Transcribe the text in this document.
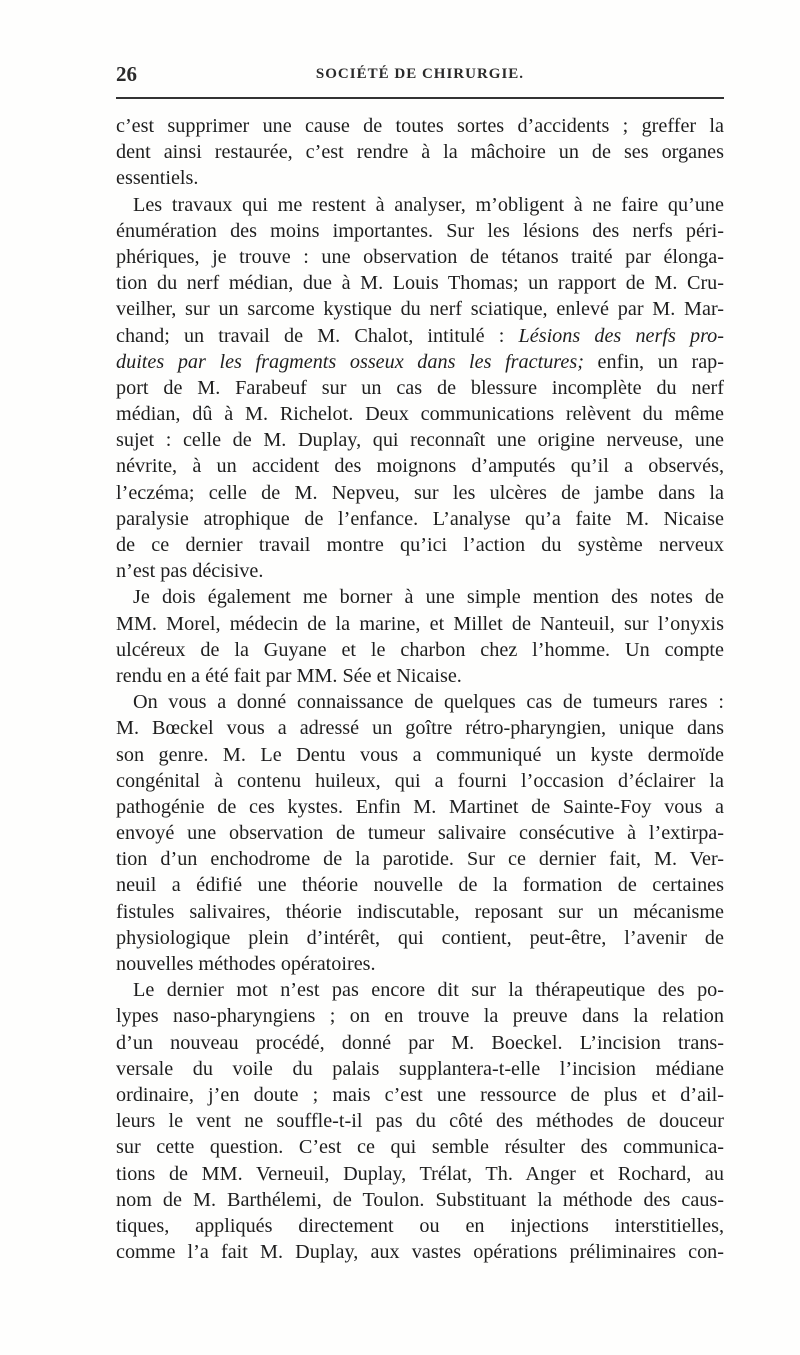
26	SOCIÉTÉ DE CHIRURGIE.
c’est supprimer une cause de toutes sortes d’accidents ; greffer la
dent ainsi restaurée, c’est rendre à la mâchoire un de ses organes
essentiels.
Les travaux qui me restent à analyser, m’obligent à ne faire qu’une
énumération des moins importantes. Sur les lésions des nerfs péri-
phériques, je trouve : une observation de tétanos traité par élonga-
tion du nerf médian, due à M. Louis Thomas; un rapport de M. Cru-
veilher, sur un sarcome kystique du nerf sciatique, enlevé par M. Mar-
chand; un travail de M. Chalot, intitulé : Lésions des nerfs pro-
duites par les fragments osseux dans les fractures; enfin, un rap-
port de M. Farabeuf sur un cas de blessure incomplète du nerf
médian, dû à M. Richelot. Deux communications relèvent du même
sujet : celle de M. Duplay, qui reconnaît une origine nerveuse, une
névrite, à un accident des moignons d’amputés qu’il a observés,
l’eczéma; celle de M. Nepveu, sur les ulcères de jambe dans la
paralysie atrophique de l’enfance. L’analyse qu’a faite M. Nicaise
de ce dernier travail montre qu’ici l’action du système nerveux
n’est pas décisive.
Je dois également me borner à une simple mention des notes de
MM. Morel, médecin de la marine, et Millet de Nanteuil, sur l’onyxis
ulcéreux de la Guyane et le charbon chez l’homme. Un compte
rendu en a été fait par MM. Sée et Nicaise.
On vous a donné connaissance de quelques cas de tumeurs rares :
M. Bœckel vous a adressé un goître rétro-pharyngien, unique dans
son genre. M. Le Dentu vous a communiqué un kyste dermoïde
congénital à contenu huileux, qui a fourni l’occasion d’éclairer la
pathogénie de ces kystes. Enfin M. Martinet de Sainte-Foy vous a
envoyé une observation de tumeur salivaire consécutive à l’extirpa-
tion d’un enchodrome de la parotide. Sur ce dernier fait, M. Ver-
neuil a édifié une théorie nouvelle de la formation de certaines
fistules salivaires, théorie indiscutable, reposant sur un mécanisme
physiologique plein d’intérêt, qui contient, peut-être, l’avenir de
nouvelles méthodes opératoires.
Le dernier mot n’est pas encore dit sur la thérapeutique des po-
lypes naso-pharyngiens ; on en trouve la preuve dans la relation
d’un nouveau procédé, donné par M. Boeckel. L’incision trans-
versale du voile du palais supplantera-t-elle l’incision médiane
ordinaire, j’en doute ; mais c’est une ressource de plus et d’ail-
leurs le vent ne souffle-t-il pas du côté des méthodes de douceur
sur cette question. C’est ce qui semble résulter des communica-
tions de MM. Verneuil, Duplay, Trélat, Th. Anger et Rochard, au
nom de M. Barthélemi, de Toulon. Substituant la méthode des caus-
tiques, appliqués directement ou en injections interstitielles,
comme l’a fait M. Duplay, aux vastes opérations préliminaires con-
